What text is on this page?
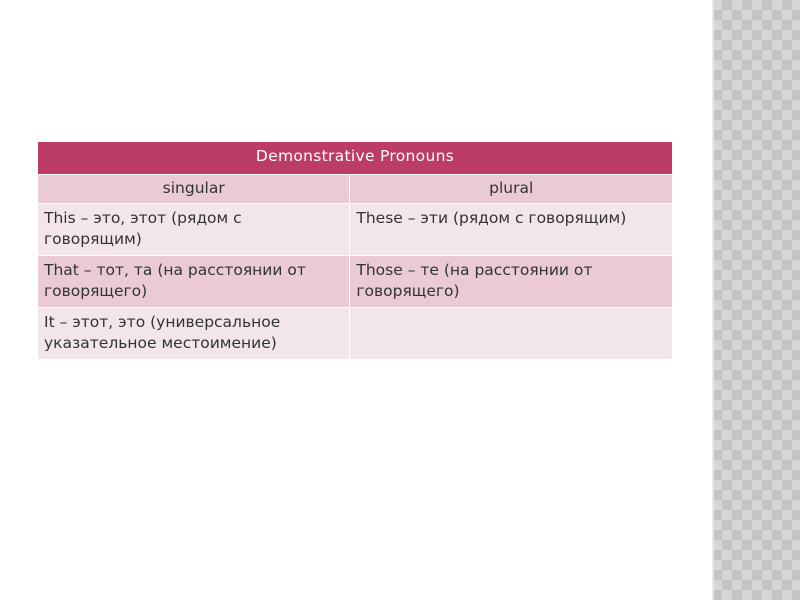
Demonstrative Pronouns	
singular	plural
This – это, этот (рядом с говорящим)	These – эти (рядом с говорящим)
That – тот, та (на расстоянии от говорящего)	Those – те (на расстоянии от говорящего)
It – этот, это (универсальное указательное местоимение)	
